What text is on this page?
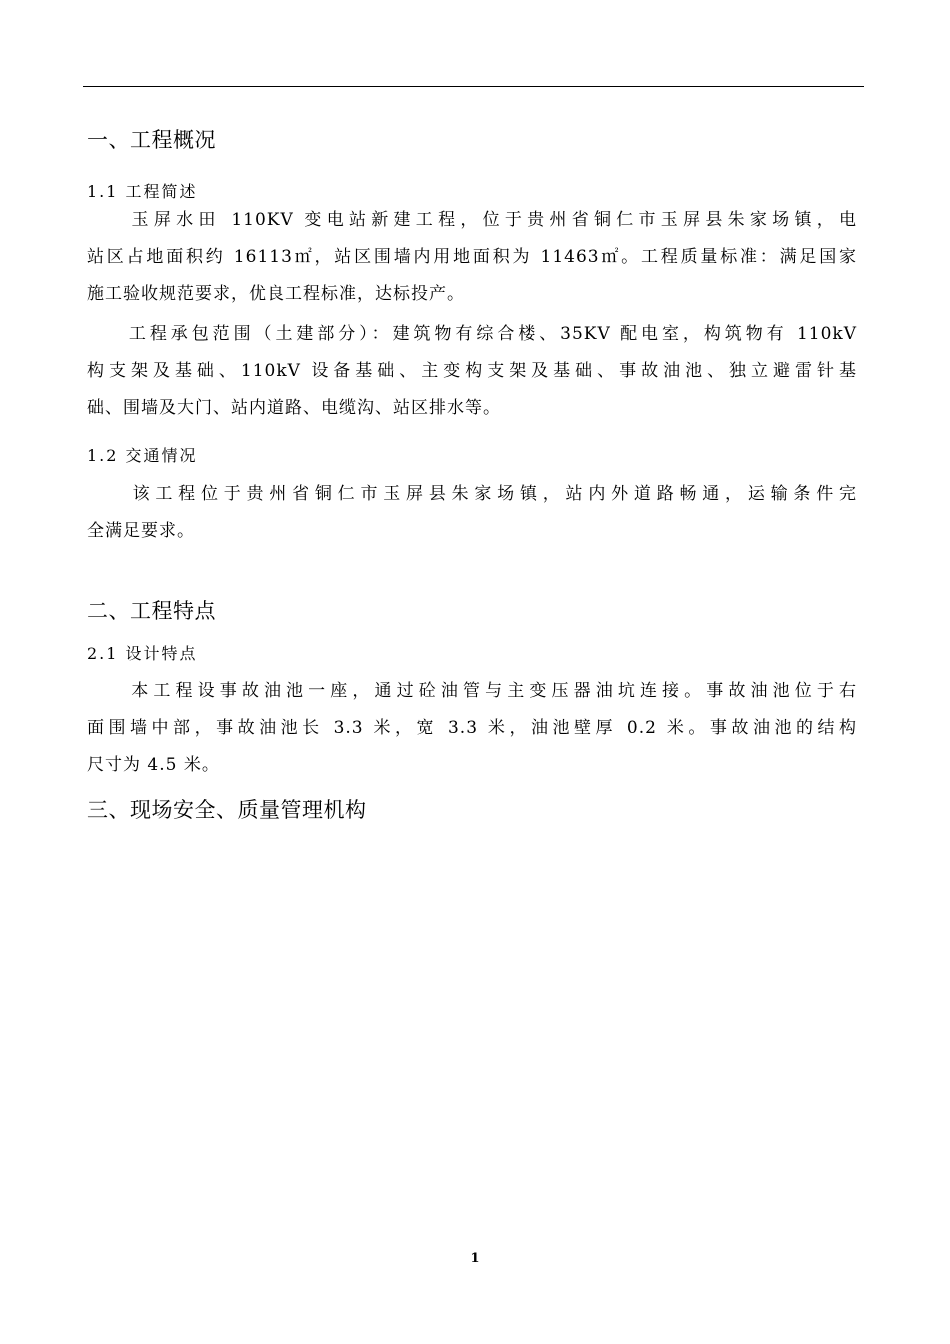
一、工程概况
1.1 工程简述
　　玉屏水田 110KV 变电站新建工程，位于贵州省铜仁市玉屏县朱家场镇，电
站区占地面积约 16113㎡，站区围墙内用地面积为 11463㎡。工程质量标准：满足国家
施工验收规范要求，优良工程标准，达标投产。
　　工程承包范围（土建部分）：建筑物有综合楼、35KV 配电室，构筑物有 110kV
构支架及基础、110kV 设备基础、主变构支架及基础、事故油池、独立避雷针基
础、围墙及大门、站内道路、电缆沟、站区排水等。
1.2 交通情况
　　该工程位于贵州省铜仁市玉屏县朱家场镇，站内外道路畅通，运输条件完
全满足要求。
二、工程特点
2.1 设计特点
　　本工程设事故油池一座，通过砼油管与主变压器油坑连接。事故油池位于右
面围墙中部，事故油池长 3.3 米，宽 3.3 米，油池壁厚 0.2 米。事故油池的结构
尺寸为 4.5 米。
三、现场安全、质量管理机构
1
